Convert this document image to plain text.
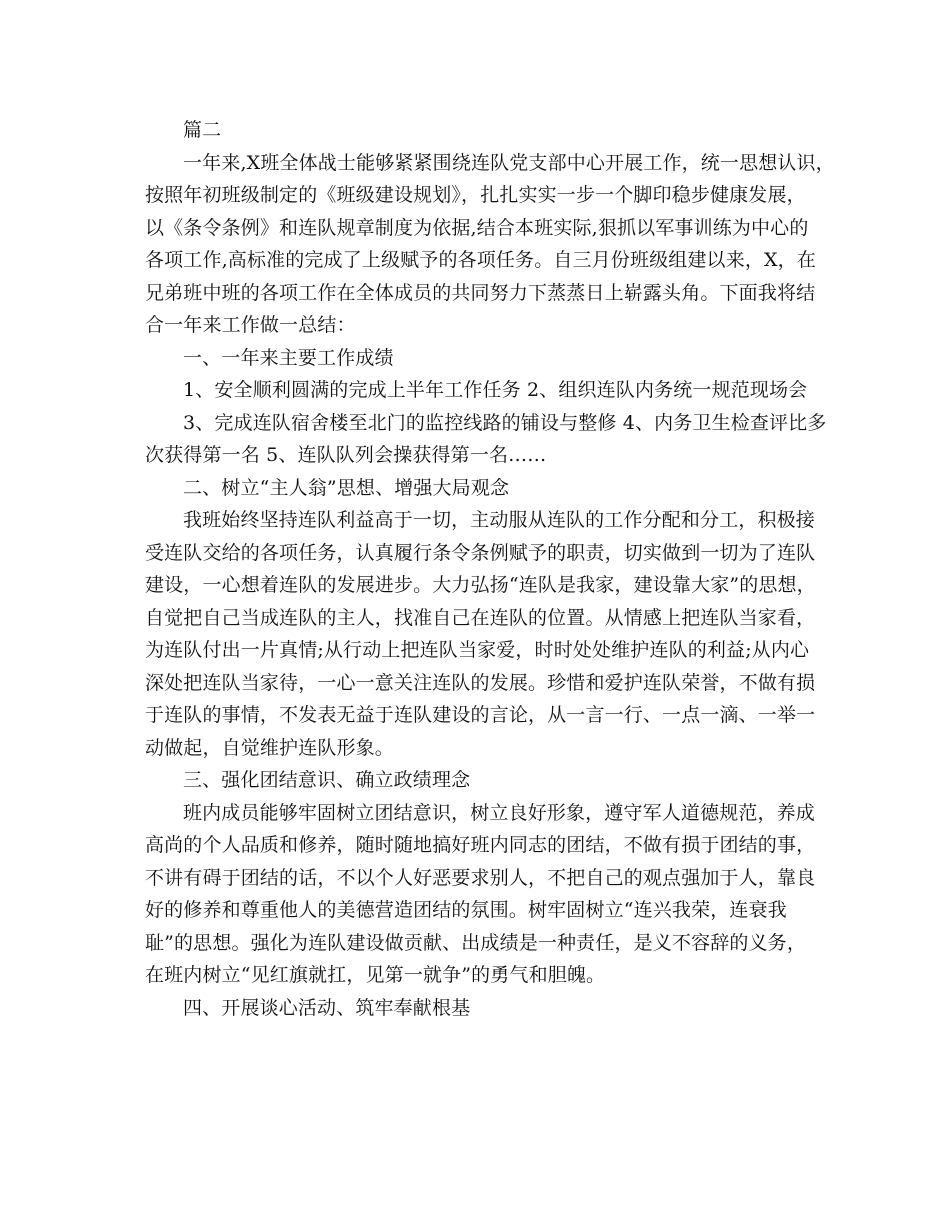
篇二
一年来,X班全体战士能够紧紧围绕连队党支部中心开展工作，统一思想认识，
按照年初班级制定的《班级建设规划》，扎扎实实一步一个脚印稳步健康发展，
以《条令条例》和连队规章制度为依据,结合本班实际,狠抓以军事训练为中心的
各项工作,高标准的完成了上级赋予的各项任务。自三月份班级组建以来，X，在
兄弟班中班的各项工作在全体成员的共同努力下蒸蒸日上崭露头角。下面我将结
合一年来工作做一总结：
一、一年来主要工作成绩
1、安全顺利圆满的完成上半年工作任务 2、组织连队内务统一规范现场会
3、完成连队宿舍楼至北门的监控线路的铺设与整修 4、内务卫生检查评比多
次获得第一名 5、连队队列会操获得第一名……
二、树立“主人翁”思想、增强大局观念
我班始终坚持连队利益高于一切，主动服从连队的工作分配和分工，积极接
受连队交给的各项任务，认真履行条令条例赋予的职责，切实做到一切为了连队
建设，一心想着连队的发展进步。大力弘扬“连队是我家，建设靠大家”的思想，
自觉把自己当成连队的主人，找准自己在连队的位置。从情感上把连队当家看，
为连队付出一片真情;从行动上把连队当家爱，时时处处维护连队的利益;从内心
深处把连队当家待，一心一意关注连队的发展。珍惜和爱护连队荣誉，不做有损
于连队的事情，不发表无益于连队建设的言论，从一言一行、一点一滴、一举一
动做起，自觉维护连队形象。
三、强化团结意识、确立政绩理念
班内成员能够牢固树立团结意识，树立良好形象，遵守军人道德规范，养成
高尚的个人品质和修养，随时随地搞好班内同志的团结，不做有损于团结的事，
不讲有碍于团结的话，不以个人好恶要求别人，不把自己的观点强加于人，靠良
好的修养和尊重他人的美德营造团结的氛围。树牢固树立“连兴我荣，连衰我
耻”的思想。强化为连队建设做贡献、出成绩是一种责任，是义不容辞的义务，
在班内树立“见红旗就扛，见第一就争”的勇气和胆魄。
四、开展谈心活动、筑牢奉献根基
